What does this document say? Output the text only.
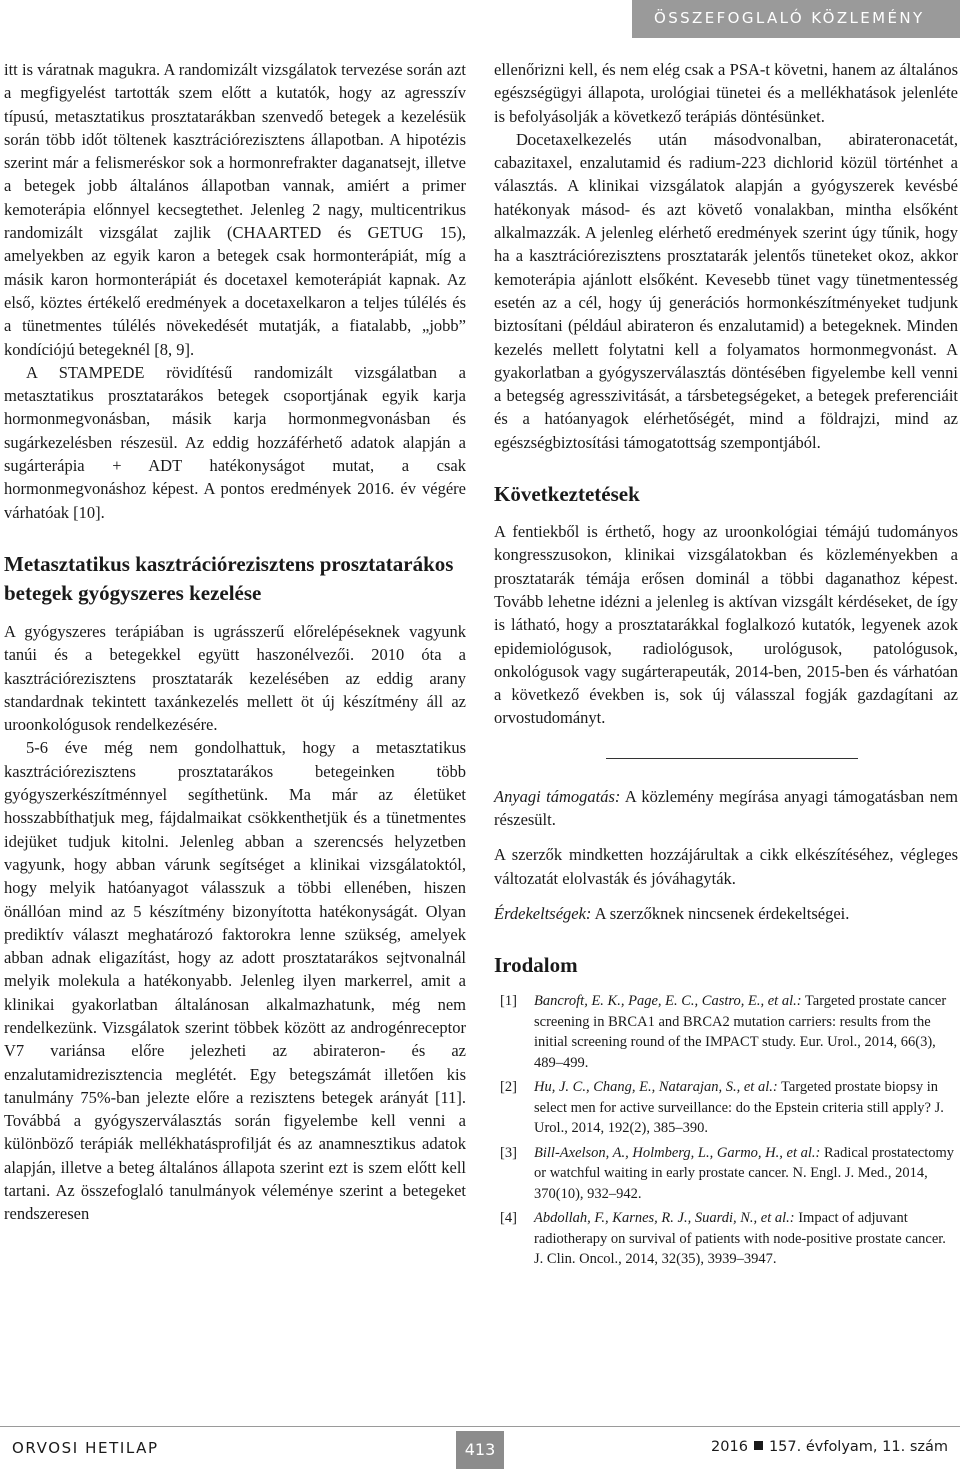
ÖSSZEFOGLALÓ KÖZLEMÉNY

itt is váratnak magukra. A randomizált vizsgálatok tervezése során azt a megfigyelést tartották szem előtt a kutatók, hogy az agresszív típusú, metasztatikus prosztatarákban szenvedő betegek a kezelésük során több időt töltenek kasztrációrezisztens állapotban. A hipotézis szerint már a felismeréskor sok a hormonrefrakter daganatsejt, illetve a betegek jobb általános állapotban vannak, amiért a primer kemoterápia előnnyel kecsegtethet. Jelenleg 2 nagy, multicentrikus randomizált vizsgálat zajlik (CHAARTED és GETUG 15), amelyekben az egyik karon a betegek csak hormonterápiát, míg a másik karon hormonterápiát és docetaxel kemoterápiát kapnak. Az első, köztes értékelő eredmények a docetaxelkaron a teljes túlélés és a tünetmentes túlélés növekedését mutatják, a fiatalabb, „jobb” kondíciójú betegeknél [8, 9].

A STAMPEDE rövidítésű randomizált vizsgálatban a metasztatikus prosztatarákos betegek csoportjának egyik karja hormonmegvonásban, másik karja hormonmegvonásban és sugárkezelésben részesül. Az eddig hozzáférhető adatok alapján a sugárterápia + ADT hatékonyságot mutat, a csak hormonmegvonáshoz képest. A pontos eredmények 2016. év végére várhatóak [10].

Metasztatikus kasztrációrezisztens prosztatarákos betegek gyógyszeres kezelése

A gyógyszeres terápiában is ugrásszerű előrelépéseknek vagyunk tanúi és a betegekkel együtt haszonélvezői. 2010 óta a kasztrációrezisztens prosztatarák kezelésében az eddig arany standardnak tekintett taxánkezelés mellett öt új készítmény áll az uroonkológusok rendelkezésére.

5-6 éve még nem gondolhattuk, hogy a metasztatikus kasztrációrezisztens prosztatarákos betegeinken több gyógyszerkészítménnyel segíthetünk. Ma már az életüket hosszabbíthatjuk meg, fájdalmaikat csökkenthetjük és a tünetmentes idejüket tudjuk kitolni. Jelenleg abban a szerencsés helyzetben vagyunk, hogy abban várunk segítséget a klinikai vizsgálatoktól, hogy melyik hatóanyagot válasszuk a többi ellenében, hiszen önállóan mind az 5 készítmény bizonyította hatékonyságát. Olyan prediktív választ meghatározó faktorokra lenne szükség, amelyek abban adnak eligazítást, hogy az adott prosztatarákos sejtvonalnál melyik molekula a hatékonyabb. Jelenleg ilyen markerrel, amit a klinikai gyakorlatban általánosan alkalmazhatunk, még nem rendelkezünk. Vizsgálatok szerint többek között az androgénreceptor V7 variánsa előre jelezheti az abirateron- és az enzalutamidrezisztencia meglétét. Egy betegszámát illetően kis tanulmány 75%-ban jelezte előre a rezisztens betegek arányát [11]. Továbbá a gyógyszerválasztás során figyelembe kell venni a különböző terápiák mellékhatásprofilját és az anamnesztikus adatok alapján, illetve a beteg általános állapota szerint ezt is szem előtt kell tartani. Az összefoglaló tanulmányok véleménye szerint a betegeket rendszeresen

ellenőrizni kell, és nem elég csak a PSA-t követni, hanem az általános egészségügyi állapota, urológiai tünetei és a mellékhatások jelenléte is befolyásolják a következő terápiás döntésünket.

Docetaxelkezelés után másodvonalban, abirateronacetát, cabazitaxel, enzalutamid és radium-223 dichlorid közül történhet a választás. A klinikai vizsgálatok alapján a gyógyszerek kevésbé hatékonyak másod- és azt követő vonalakban, mintha elsőként alkalmazzák. A jelenleg elérhető eredmények szerint úgy tűnik, hogy ha a kasztrációrezisztens prosztatarák jelentős tüneteket okoz, akkor kemoterápia ajánlott elsőként. Kevesebb tünet vagy tünetmentesség esetén az a cél, hogy új generációs hormonkészítményeket tudjunk biztosítani (például abirateron és enzalutamid) a betegeknek. Minden kezelés mellett folytatni kell a folyamatos hormonmegvonást. A gyakorlatban a gyógyszerválasztás döntésében figyelembe kell venni a betegség agresszivitását, a társbetegségeket, a betegek preferenciáit és a hatóanyagok elérhetőségét, mind a földrajzi, mind az egészségbiztosítási támogatottság szempontjából.

Következtetések

A fentiekből is érthető, hogy az uroonkológiai témájú tudományos kongresszusokon, klinikai vizsgálatokban és közleményekben a prosztatarák témája erősen dominál a többi daganathoz képest. Tovább lehetne idézni a jelenleg is aktívan vizsgált kérdéseket, de így is látható, hogy a prosztatarákkal foglalkozó kutatók, legyenek azok epidemiológusok, radiológusok, urológusok, patológusok, onkológusok vagy sugárterapeuták, 2014-ben, 2015-ben és várhatóan a következő években is, sok új válasszal fogják gazdagítani az orvostudományt.

Anyagi támogatás: A közlemény megírása anyagi támogatásban nem részesült.

A szerzők mindketten hozzájárultak a cikk elkészítéséhez, végleges változatát elolvasták és jóváhagyták.

Érdekeltségek: A szerzőknek nincsenek érdekeltségei.

Irodalom
[1] Bancroft, E. K., Page, E. C., Castro, E., et al.: Targeted prostate cancer screening in BRCA1 and BRCA2 mutation carriers: results from the initial screening round of the IMPACT study. Eur. Urol., 2014, 66(3), 489–499.
[2] Hu, J. C., Chang, E., Natarajan, S., et al.: Targeted prostate biopsy in select men for active surveillance: do the Epstein criteria still apply? J. Urol., 2014, 192(2), 385–390.
[3] Bill-Axelson, A., Holmberg, L., Garmo, H., et al.: Radical prostatectomy or watchful waiting in early prostate cancer. N. Engl. J. Med., 2014, 370(10), 932–942.
[4] Abdollah, F., Karnes, R. J., Suardi, N., et al.: Impact of adjuvant radiotherapy on survival of patients with node-positive prostate cancer. J. Clin. Oncol., 2014, 32(35), 3939–3947.
ORVOSI HETILAP	413	2016 157. évfolyam, 11. szám
